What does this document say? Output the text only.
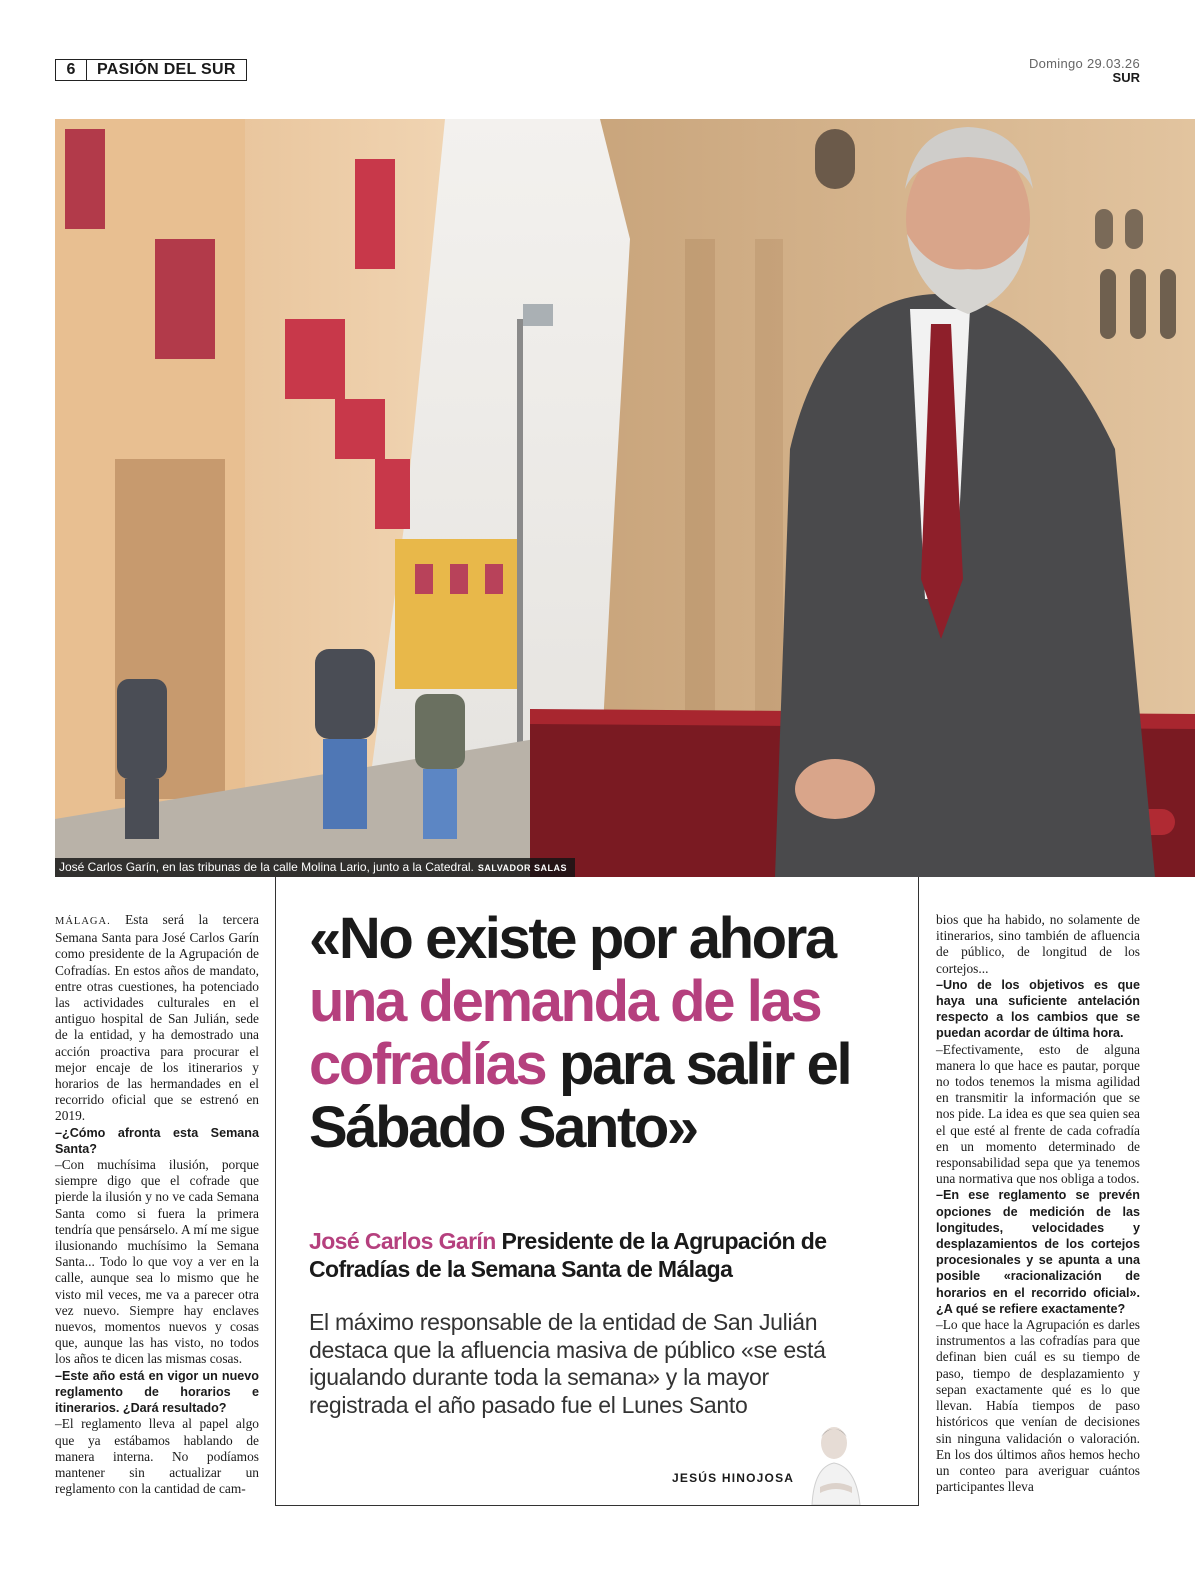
6	PASIÓN DEL SUR	Domingo 29.03.26
SUR
José Carlos Garín, en las tribunas de la calle Molina Lario, junto a la Catedral. SALVADOR SALAS

MÁLAGA. Esta será la tercera Semana Santa para José Carlos Garín como presidente de la Agrupación de Cofradías. En estos años de mandato, entre otras cuestiones, ha potenciado las actividades culturales en el antiguo hospital de San Julián, sede de la entidad, y ha demostrado una acción proactiva para procurar el mejor encaje de los itinerarios y horarios de las hermandades en el recorrido oficial que se estrenó en 2019.

–¿Cómo afronta esta Semana Santa?

–Con muchísima ilusión, porque siempre digo que el cofrade que pierde la ilusión y no ve cada Semana Santa como si fuera la primera tendría que pensárselo. A mí me sigue ilusionando muchísimo la Semana Santa... Todo lo que voy a ver en la calle, aunque sea lo mismo que he visto mil veces, me va a parecer otra vez nuevo. Siempre hay enclaves nuevos, momentos nuevos y cosas que, aunque las has visto, no todos los años te dicen las mismas cosas.

–Este año está en vigor un nuevo reglamento de horarios e itinerarios. ¿Dará resultado?

–El reglamento lleva al papel algo que ya estábamos hablando de manera interna. No podíamos mantener sin actualizar un reglamento con la cantidad de cam-

«No existe por ahora una demanda de las cofradías para salir el Sábado Santo»
José Carlos Garín Presidente de la Agrupación de Cofradías de la Semana Santa de Málaga
El máximo responsable de la entidad de San Julián destaca que la afluencia masiva de público «se está igualando durante toda la semana» y la mayor registrada el año pasado fue el Lunes Santo
JESÚS HINOJOSA

bios que ha habido, no solamente de itinerarios, sino también de afluencia de público, de longitud de los cortejos...

–Uno de los objetivos es que haya una suficiente antelación respecto a los cambios que se puedan acordar de última hora.

–Efectivamente, esto de alguna manera lo que hace es pautar, porque no todos tenemos la misma agilidad en transmitir la información que se nos pide. La idea es que sea quien sea el que esté al frente de cada cofradía en un momento determinado de responsabilidad sepa que ya tenemos una normativa que nos obliga a todos.

–En ese reglamento se prevén opciones de medición de las longitudes, velocidades y desplazamientos de los cortejos procesionales y se apunta a una posible «racionalización de horarios en el recorrido oficial». ¿A qué se refiere exactamente?

–Lo que hace la Agrupación es darles instrumentos a las cofradías para que definan bien cuál es su tiempo de paso, tiempo de desplazamiento y sepan exactamente qué es lo que llevan. Había tiempos de paso históricos que venían de decisiones sin ninguna validación o valoración. En los dos últimos años hemos hecho un conteo para averiguar cuántos participantes lleva
